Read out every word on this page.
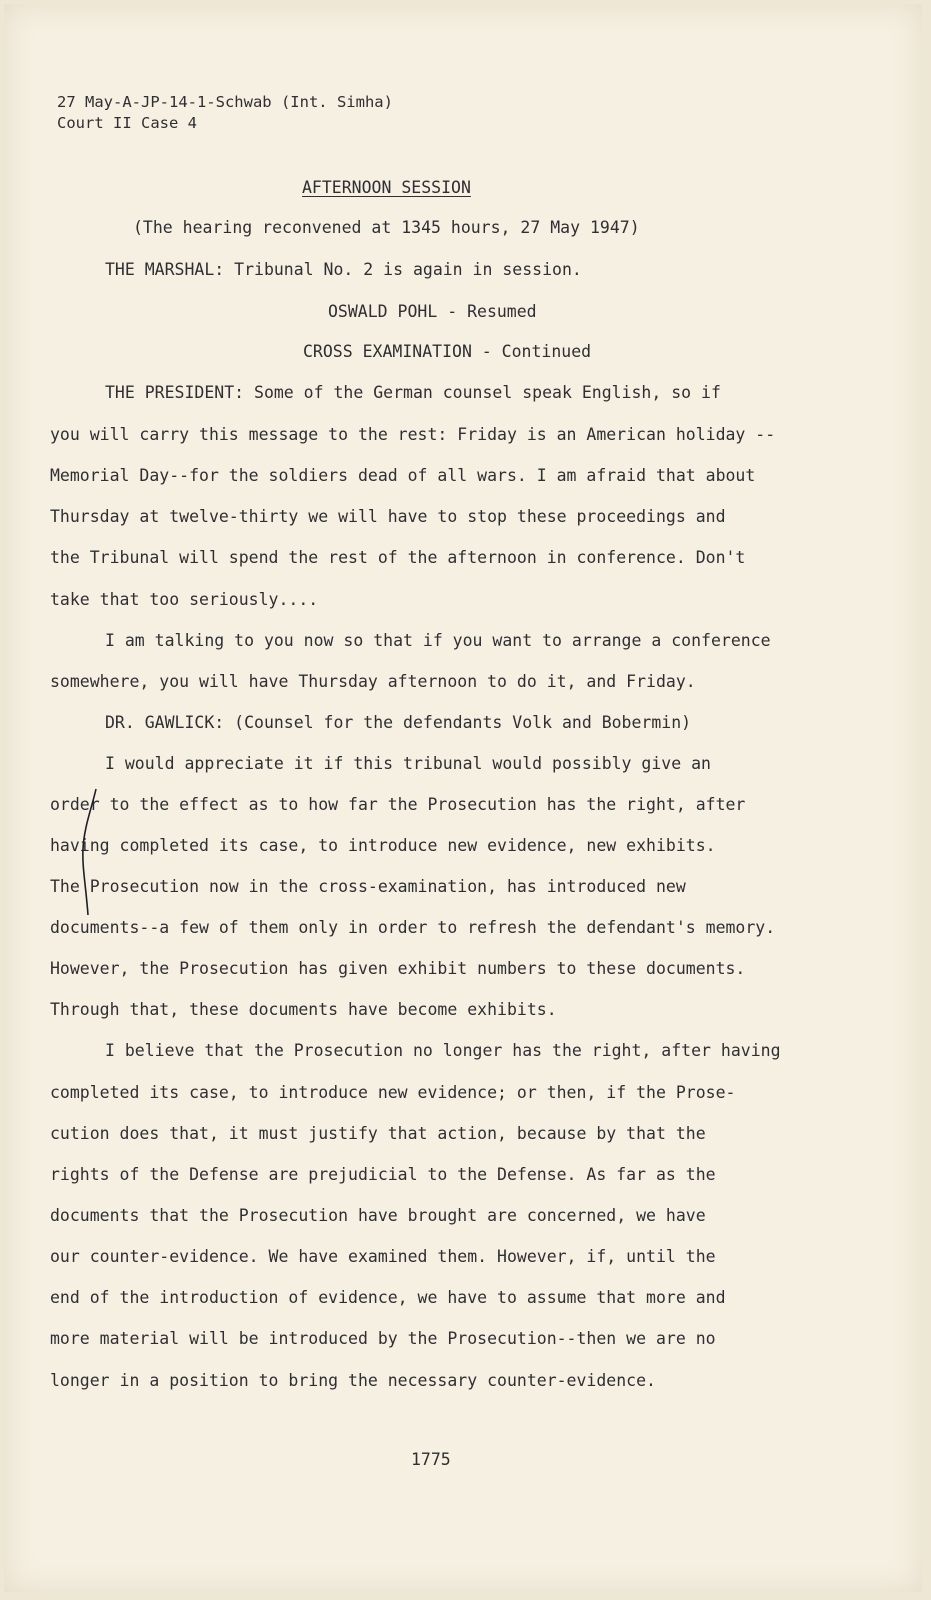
27 May-A-JP-14-1-Schwab (Int. Simha)
Court II Case 4
AFTERNOON SESSION
(The hearing reconvened at 1345 hours, 27 May 1947)
THE MARSHAL: Tribunal No. 2 is again in session.
OSWALD POHL - Resumed
CROSS EXAMINATION - Continued
THE PRESIDENT: Some of the German counsel speak English, so if
you will carry this message to the rest: Friday is an American holiday --
Memorial Day--for the soldiers dead of all wars. I am afraid that about
Thursday at twelve-thirty we will have to stop these proceedings and
the Tribunal will spend the rest of the afternoon in conference. Don't
take that too seriously....
I am talking to you now so that if you want to arrange a conference
somewhere, you will have Thursday afternoon to do it, and Friday.
DR. GAWLICK: (Counsel for the defendants Volk and Bobermin)
I would appreciate it if this tribunal would possibly give an
order to the effect as to how far the Prosecution has the right, after
having completed its case, to introduce new evidence, new exhibits.
The Prosecution now in the cross-examination, has introduced new
documents--a few of them only in order to refresh the defendant's memory.
However, the Prosecution has given exhibit numbers to these documents.
Through that, these documents have become exhibits.
I believe that the Prosecution no longer has the right, after having
completed its case, to introduce new evidence; or then, if the Prose-
cution does that, it must justify that action, because by that the
rights of the Defense are prejudicial to the Defense. As far as the
documents that the Prosecution have brought are concerned, we have
our counter-evidence. We have examined them. However, if, until the
end of the introduction of evidence, we have to assume that more and
more material will be introduced by the Prosecution--then we are no
longer in a position to bring the necessary counter-evidence.
1775
